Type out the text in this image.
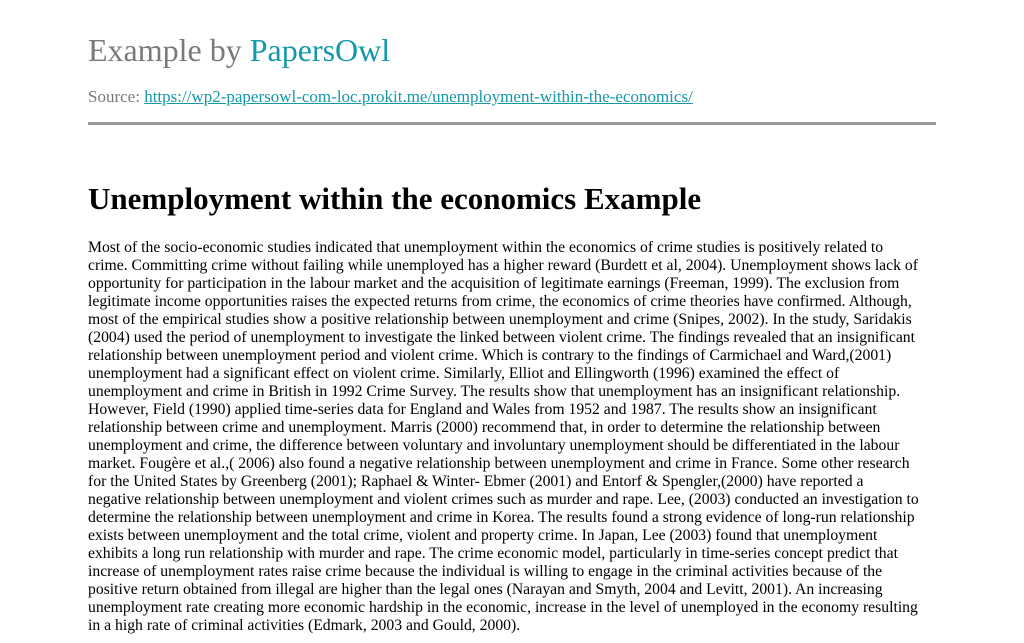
Example by PapersOwl
Source: https://wp2-papersowl-com-loc.prokit.me/unemployment-within-the-economics/
Unemployment within the economics Example
Most of the socio-economic studies indicated that unemployment within the economics of crime studies is positively related to
crime. Committing crime without failing while unemployed has a higher reward (Burdett et al, 2004). Unemployment shows lack of
opportunity for participation in the labour market and the acquisition of legitimate earnings (Freeman, 1999). The exclusion from
legitimate income opportunities raises the expected returns from crime, the economics of crime theories have confirmed. Although,
most of the empirical studies show a positive relationship between unemployment and crime (Snipes, 2002). In the study, Saridakis
(2004) used the period of unemployment to investigate the linked between violent crime. The findings revealed that an insignificant
relationship between unemployment period and violent crime. Which is contrary to the findings of Carmichael and Ward,(2001)
unemployment had a significant effect on violent crime. Similarly, Elliot and Ellingworth (1996) examined the effect of
unemployment and crime in British in 1992 Crime Survey. The results show that unemployment has an insignificant relationship.
However, Field (1990) applied time-series data for England and Wales from 1952 and 1987. The results show an insignificant
relationship between crime and unemployment. Marris (2000) recommend that, in order to determine the relationship between
unemployment and crime, the difference between voluntary and involuntary unemployment should be differentiated in the labour
market. Fougère et al.,( 2006) also found a negative relationship between unemployment and crime in France. Some other research
for the United States by Greenberg (2001); Raphael & Winter- Ebmer (2001) and Entorf & Spengler,(2000) have reported a
negative relationship between unemployment and violent crimes such as murder and rape. Lee, (2003) conducted an investigation to
determine the relationship between unemployment and crime in Korea. The results found a strong evidence of long-run relationship
exists between unemployment and the total crime, violent and property crime. In Japan, Lee (2003) found that unemployment
exhibits a long run relationship with murder and rape. The crime economic model, particularly in time-series concept predict that
increase of unemployment rates raise crime because the individual is willing to engage in the criminal activities because of the
positive return obtained from illegal are higher than the legal ones (Narayan and Smyth, 2004 and Levitt, 2001). An increasing
unemployment rate creating more economic hardship in the economic, increase in the level of unemployed in the economy resulting
in a high rate of criminal activities (Edmark, 2003 and Gould, 2000).
